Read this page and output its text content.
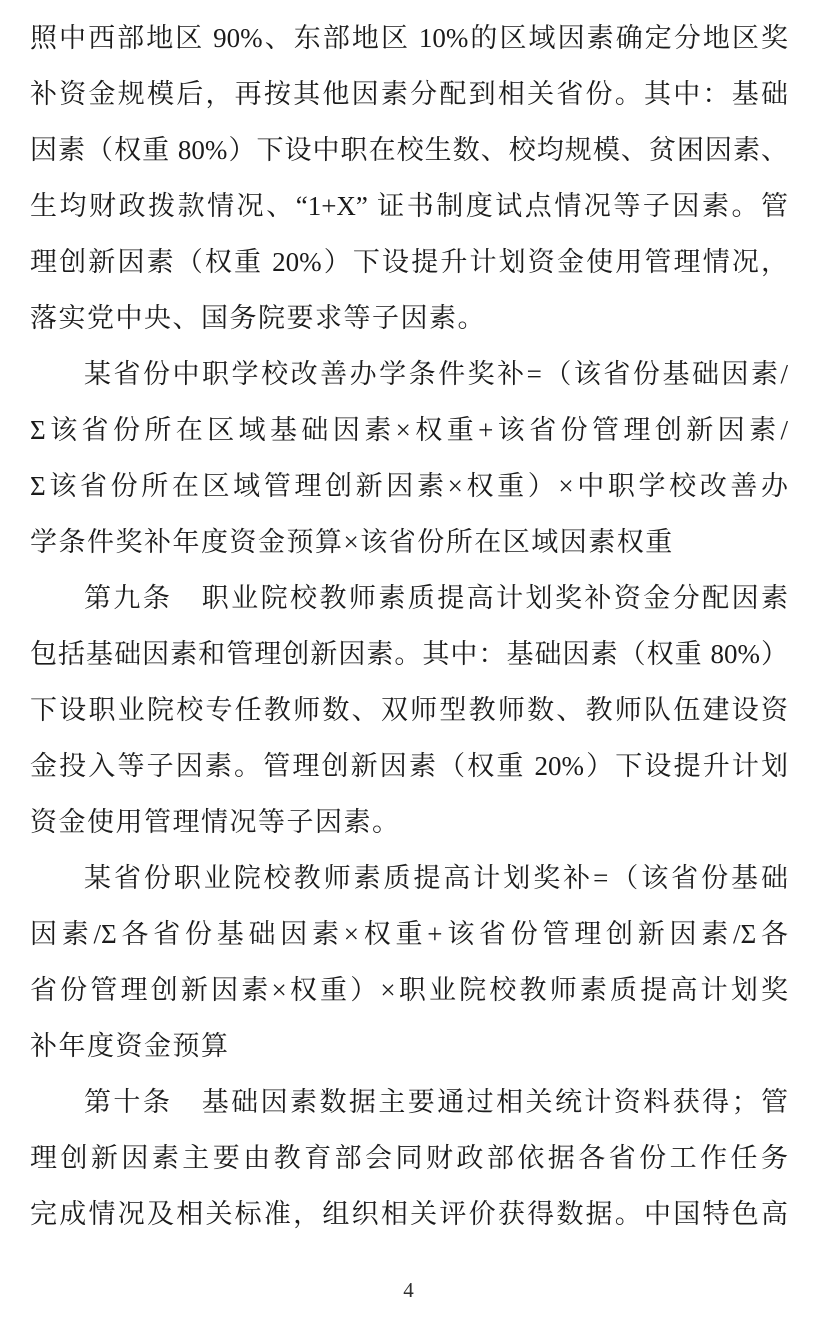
照中西部地区 90%、东部地区 10%的区域因素确定分地区奖
补资金规模后，再按其他因素分配到相关省份。其中：基础
因素（权重 80%）下设中职在校生数、校均规模、贫困因素、
生均财政拨款情况、“1+X” 证书制度试点情况等子因素。管
理创新因素（权重 20%）下设提升计划资金使用管理情况，
落实党中央、国务院要求等子因素。
某省份中职学校改善办学条件奖补=（该省份基础因素/
Σ该省份所在区域基础因素×权重+该省份管理创新因素/
Σ该省份所在区域管理创新因素×权重）×中职学校改善办
学条件奖补年度资金预算×该省份所在区域因素权重
第九条　职业院校教师素质提高计划奖补资金分配因素
包括基础因素和管理创新因素。其中：基础因素（权重 80%）
下设职业院校专任教师数、双师型教师数、教师队伍建设资
金投入等子因素。管理创新因素（权重 20%）下设提升计划
资金使用管理情况等子因素。
某省份职业院校教师素质提高计划奖补=（该省份基础
因素/Σ各省份基础因素×权重+该省份管理创新因素/Σ各
省份管理创新因素×权重）×职业院校教师素质提高计划奖
补年度资金预算
第十条　基础因素数据主要通过相关统计资料获得；管
理创新因素主要由教育部会同财政部依据各省份工作任务
完成情况及相关标准，组织相关评价获得数据。中国特色高
4
